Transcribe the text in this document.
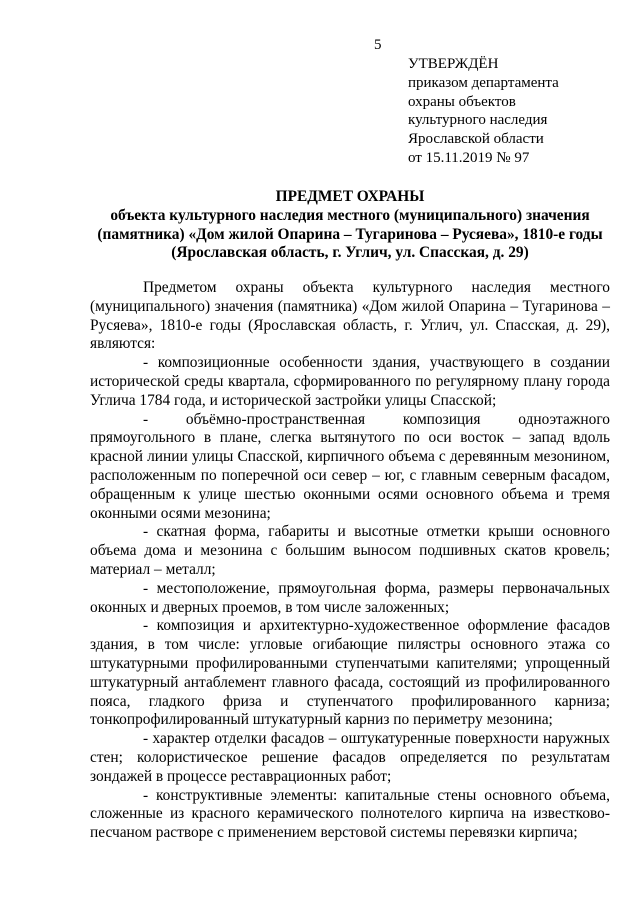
5
УТВЕРЖДЁН
приказом департамента
охраны объектов
культурного наследия
Ярославской области
от 15.11.2019 № 97
ПРЕДМЕТ ОХРАНЫ
объекта культурного наследия местного (муниципального) значения
(памятника) «Дом жилой Опарина – Тугаринова – Русяева», 1810-е годы
(Ярославская область, г. Углич, ул. Спасская, д. 29)

Предметом охраны объекта культурного наследия местного (муниципального) значения (памятника) «Дом жилой Опарина – Тугаринова – Русяева», 1810-е годы (Ярославская область, г. Углич, ул. Спасская, д. 29), являются:

- композиционные особенности здания, участвующего в создании исторической среды квартала, сформированного по регулярному плану города Углича 1784 года, и исторической застройки улицы Спасской;

- объёмно-пространственная композиция одноэтажного прямоугольного в плане, слегка вытянутого по оси восток – запад вдоль красной линии улицы Спасской, кирпичного объема с деревянным мезонином, расположенным по поперечной оси север – юг, с главным северным фасадом, обращенным к улице шестью оконными осями основного объема и тремя оконными осями мезонина;

- скатная форма, габариты и высотные отметки крыши основного объема дома и мезонина с большим выносом подшивных скатов кровель; материал – металл;

- местоположение, прямоугольная форма, размеры первоначальных оконных и дверных проемов, в том числе заложенных;

- композиция и архитектурно-художественное оформление фасадов здания, в том числе: угловые огибающие пилястры основного этажа со штукатурными профилированными ступенчатыми капителями; упрощенный штукатурный антаблемент главного фасада, состоящий из профилированного пояса, гладкого фриза и ступенчатого профилированного карниза; тонкопрофилированный штукатурный карниз по периметру мезонина;

- характер отделки фасадов – оштукатуренные поверхности наружных стен; колористическое решение фасадов определяется по результатам зондажей в процессе реставрационных работ;

- конструктивные элементы: капитальные стены основного объема, сложенные из красного керамического полнотелого кирпича на известково-песчаном растворе с применением верстовой системы перевязки кирпича;
